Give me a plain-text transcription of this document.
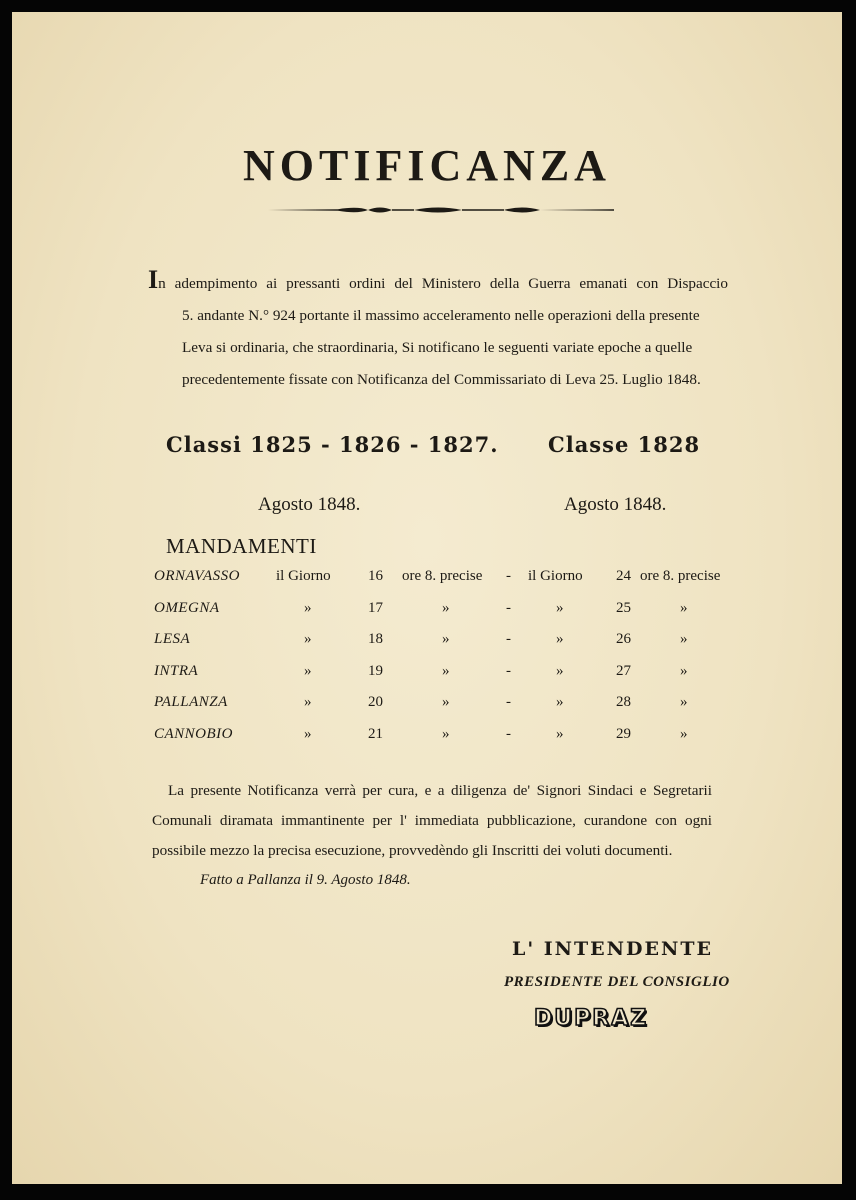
NOTIFICANZA

In adempimento ai pressanti ordini del Ministero della Guerra emanati con Dispaccio
5. andante N.° 924 portante il massimo acceleramento nelle operazioni della presente
Leva si ordinaria, che straordinaria, Si notificano le seguenti variate epoche a quelle
precedentemente fissate con Notificanza del Commissariato di Leva 25. Luglio 1848.

Classi 1825 - 1826 - 1827. Classe 1828
Agosto 1848.	Agosto 1848.
MANDAMENTI
ORNAVASSO il Giorno 16 ore 8. precise - il Giorno 24 ore 8. precise
OMEGNA	»	17	»	-	»	25	»
LESA	»	18	»	-	»	26	»
INTRA	»	19	»	-	»	27	»
PALLANZA	»	20	»	-	»	28	»
CANNOBIO	»	21	»	-	»	29	»

La presente Notificanza verrà per cura, e a diligenza de' Signori Sindaci e Segretarii
Comunali diramata immantinente per l' immediata pubblicazione, curandone con ogni
possibile mezzo la precisa esecuzione, provvedèndo gli Inscritti dei voluti documenti.

Fatto a Pallanza il 9. Agosto 1848.

L' INTENDENTE

PRESIDENTE DEL CONSIGLIO

DUPRAZ
